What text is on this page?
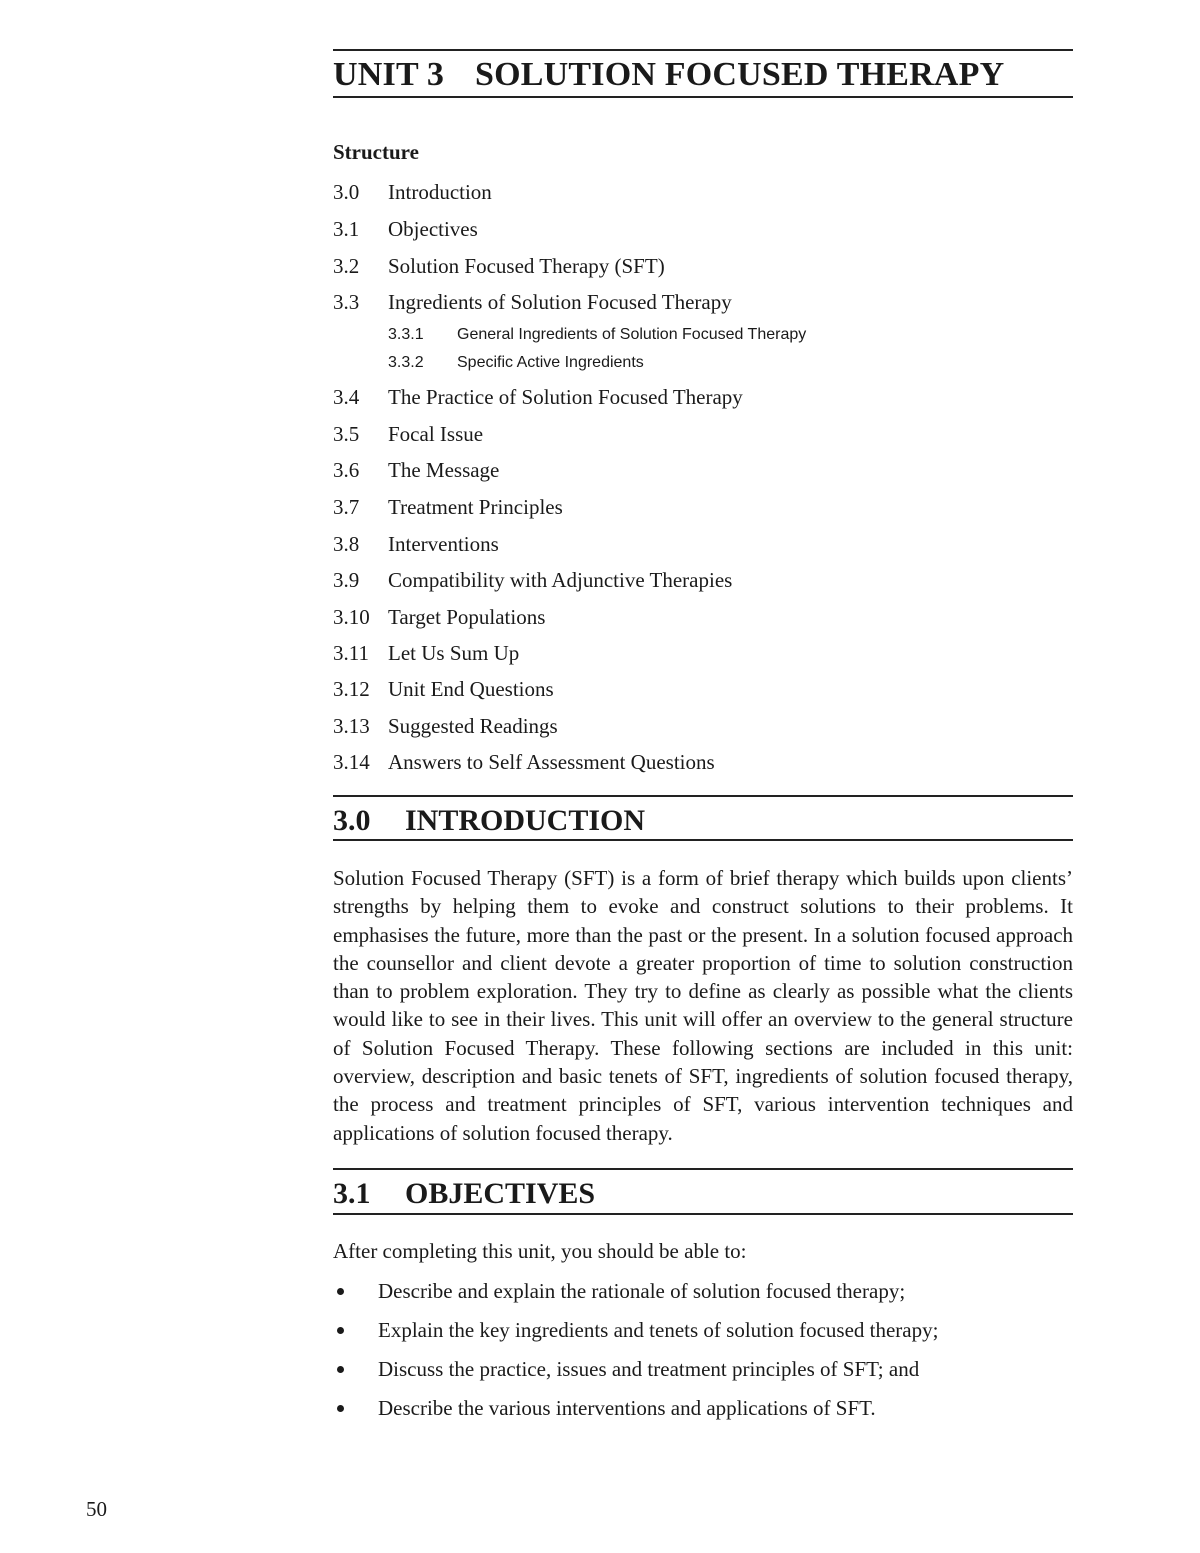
UNIT 3 SOLUTION FOCUSED THERAPY
Structure
3.0 Introduction
3.1 Objectives
3.2 Solution Focused Therapy (SFT)
3.3 Ingredients of Solution Focused Therapy
3.3.1 General Ingredients of Solution Focused Therapy
3.3.2 Specific Active Ingredients
3.4 The Practice of Solution Focused Therapy
3.5 Focal Issue
3.6 The Message
3.7 Treatment Principles
3.8 Interventions
3.9 Compatibility with Adjunctive Therapies
3.10 Target Populations
3.11 Let Us Sum Up
3.12 Unit End Questions
3.13 Suggested Readings
3.14 Answers to Self Assessment Questions
3.0 INTRODUCTION
Solution Focused Therapy (SFT) is a form of brief therapy which builds upon clients’ strengths by helping them to evoke and construct solutions to their problems. It emphasises the future, more than the past or the present. In a solution focused approach the counsellor and client devote a greater proportion of time to solution construction than to problem exploration. They try to define as clearly as possible what the clients would like to see in their lives. This unit will offer an overview to the general structure of Solution Focused Therapy. These following sections are included in this unit: overview, description and basic tenets of SFT, ingredients of solution focused therapy, the process and treatment principles of SFT, various intervention techniques and applications of solution focused therapy.
3.1 OBJECTIVES
After completing this unit, you should be able to:
Describe and explain the rationale of solution focused therapy;
Explain the key ingredients and tenets of solution focused therapy;
Discuss the practice, issues and treatment principles of SFT; and
Describe the various interventions and applications of SFT.
50
